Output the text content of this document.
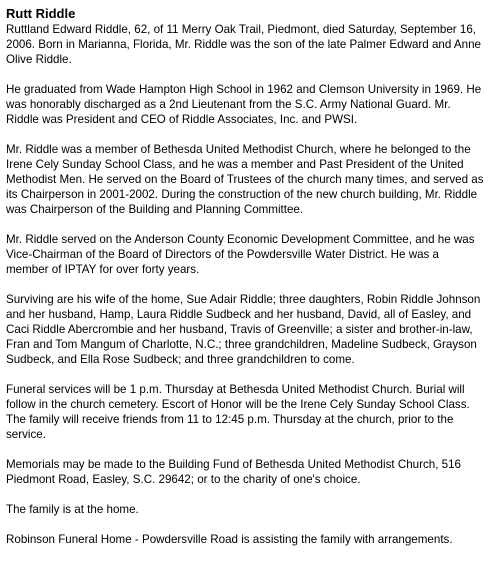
Rutt Riddle

Ruttland Edward Riddle, 62, of 11 Merry Oak Trail, Piedmont, died Saturday, September 16, 2006. Born in Marianna, Florida, Mr. Riddle was the son of the late Palmer Edward and Anne Olive Riddle.

He graduated from Wade Hampton High School in 1962 and Clemson University in 1969. He was honorably discharged as a 2nd Lieutenant from the S.C. Army National Guard. Mr. Riddle was President and CEO of Riddle Associates, Inc. and PWSI.

Mr. Riddle was a member of Bethesda United Methodist Church, where he belonged to the Irene Cely Sunday School Class, and he was a member and Past President of the United Methodist Men. He served on the Board of Trustees of the church many times, and served as its Chairperson in 2001-2002. During the construction of the new church building, Mr. Riddle was Chairperson of the Building and Planning Committee.

Mr. Riddle served on the Anderson County Economic Development Committee, and he was Vice-Chairman of the Board of Directors of the Powdersville Water District. He was a member of IPTAY for over forty years.

Surviving are his wife of the home, Sue Adair Riddle; three daughters, Robin Riddle Johnson and her husband, Hamp, Laura Riddle Sudbeck and her husband, David, all of Easley, and Caci Riddle Abercrombie and her husband, Travis of Greenville; a sister and brother-in-law, Fran and Tom Mangum of Charlotte, N.C.; three grandchildren, Madeline Sudbeck, Grayson Sudbeck, and Ella Rose Sudbeck; and three grandchildren to come.

Funeral services will be 1 p.m. Thursday at Bethesda United Methodist Church. Burial will follow in the church cemetery. Escort of Honor will be the Irene Cely Sunday School Class. The family will receive friends from 11 to 12:45 p.m. Thursday at the church, prior to the service.

Memorials may be made to the Building Fund of Bethesda United Methodist Church, 516 Piedmont Road, Easley, S.C. 29642; or to the charity of one's choice.

The family is at the home.

Robinson Funeral Home - Powdersville Road is assisting the family with arrangements.
